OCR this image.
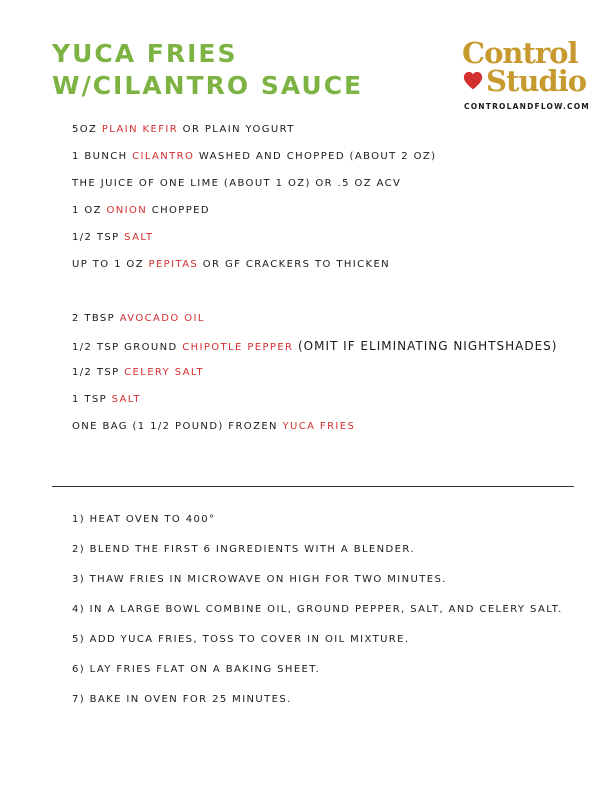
YUCA FRIES
W/CILANTRO SAUCE
Control
Studio
CONTROLANDFLOW.COM
5OZ PLAIN KEFIR OR PLAIN YOGURT
1 BUNCH CILANTRO WASHED AND CHOPPED (ABOUT 2 OZ)
THE JUICE OF ONE LIME (ABOUT 1 OZ) OR .5 OZ ACV
1 OZ ONION CHOPPED
1/2 TSP SALT
UP TO 1 OZ PEPITAS OR GF CRACKERS TO THICKEN
2 TBSP AVOCADO OIL
1/2 TSP GROUND CHIPOTLE PEPPER (OMIT IF ELIMINATING NIGHTSHADES)
1/2 TSP CELERY SALT
1 TSP SALT
ONE BAG (1 1/2 POUND) FROZEN YUCA FRIES
1) HEAT OVEN TO 400°
2) BLEND THE FIRST 6 INGREDIENTS WITH A BLENDER.
3) THAW FRIES IN MICROWAVE ON HIGH FOR TWO MINUTES.
4) IN A LARGE BOWL COMBINE OIL, GROUND PEPPER, SALT, AND CELERY SALT.
5) ADD YUCA FRIES, TOSS TO COVER IN OIL MIXTURE.
6) LAY FRIES FLAT ON A BAKING SHEET.
7) BAKE IN OVEN FOR 25 MINUTES.
